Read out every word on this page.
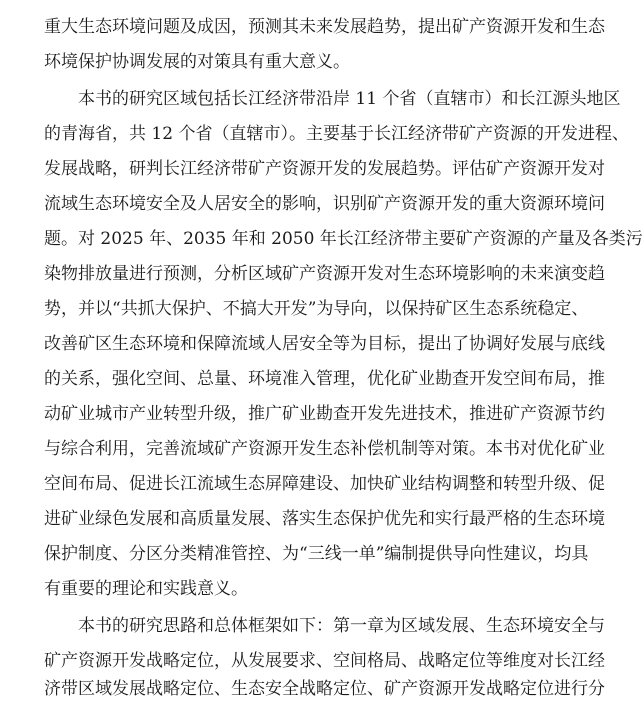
重大生态环境问题及成因，预测其未来发展趋势，提出矿产资源开发和生态
环境保护协调发展的对策具有重大意义。
本书的研究区域包括长江经济带沿岸 11 个省（直辖市）和长江源头地区
的青海省，共 12 个省（直辖市）。主要基于长江经济带矿产资源的开发进程、
发展战略，研判长江经济带矿产资源开发的发展趋势。评估矿产资源开发对
流域生态环境安全及人居安全的影响，识别矿产资源开发的重大资源环境问
题。对 2025 年、2035 年和 2050 年长江经济带主要矿产资源的产量及各类污
染物排放量进行预测，分析区域矿产资源开发对生态环境影响的未来演变趋
势，并以“共抓大保护、不搞大开发”为导向，以保持矿区生态系统稳定、
改善矿区生态环境和保障流域人居安全等为目标，提出了协调好发展与底线
的关系，强化空间、总量、环境准入管理，优化矿业勘查开发空间布局，推
动矿业城市产业转型升级，推广矿业勘查开发先进技术，推进矿产资源节约
与综合利用，完善流域矿产资源开发生态补偿机制等对策。本书对优化矿业
空间布局、促进长江流域生态屏障建设、加快矿业结构调整和转型升级、促
进矿业绿色发展和高质量发展、落实生态保护优先和实行最严格的生态环境
保护制度、分区分类精准管控、为“三线一单”编制提供导向性建议，均具
有重要的理论和实践意义。
本书的研究思路和总体框架如下：第一章为区域发展、生态环境安全与
矿产资源开发战略定位，从发展要求、空间格局、战略定位等维度对长江经
济带区域发展战略定位、生态安全战略定位、矿产资源开发战略定位进行分
